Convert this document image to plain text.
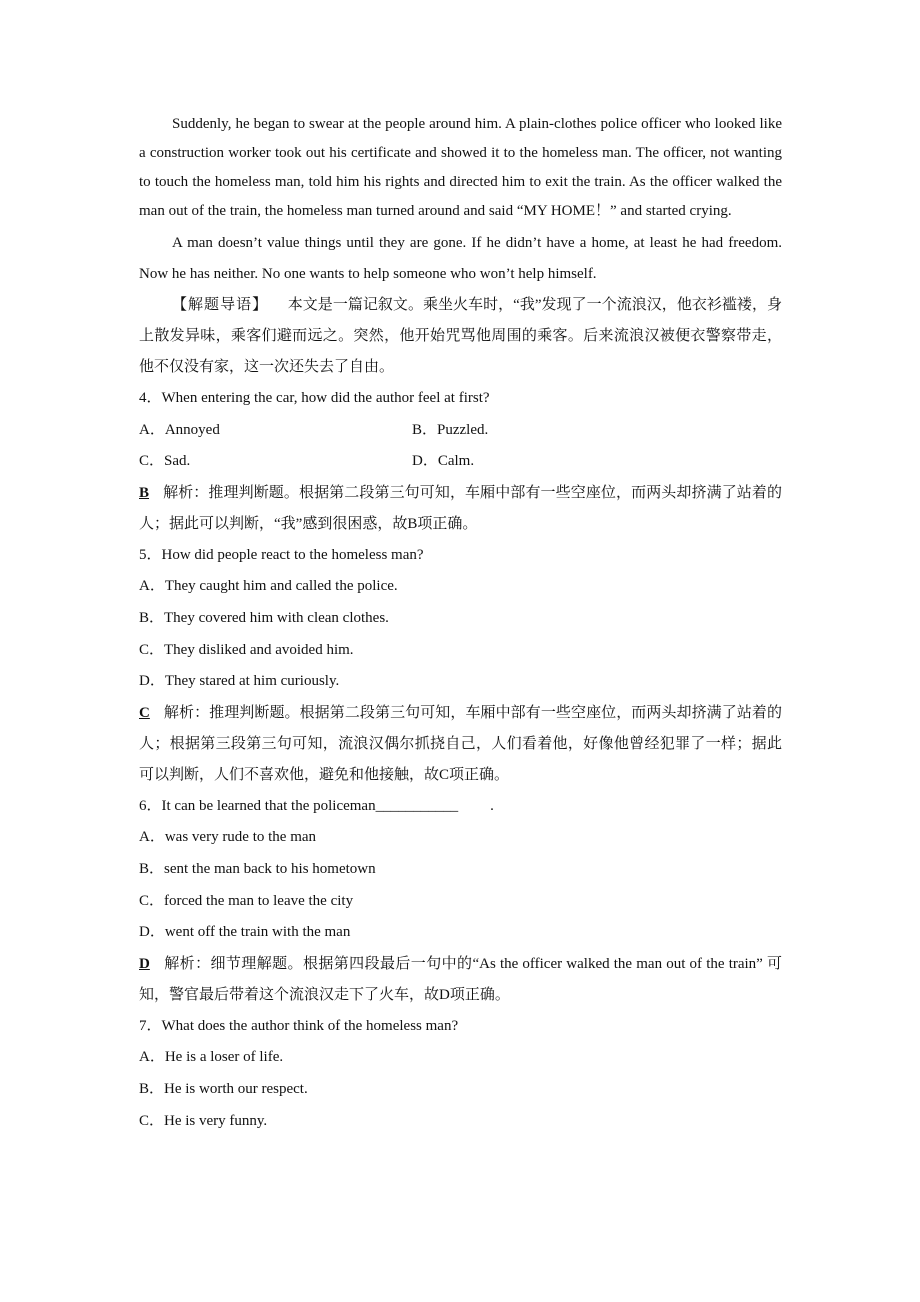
Suddenly, he began to swear at the people around him. A plain‐clothes police officer who looked like a construction worker took out his certificate and showed it to the homeless man. The officer, not wanting to touch the homeless man, told him his rights and directed him to exit the train. As the officer walked the man out of the train, the homeless man turned around and said “MY HOME！” and started crying.

A man doesn’t value things until they are gone. If he didn’t have a home, at least he had freedom. Now he has neither. No one wants to help someone who won’t help himself.

【解题导语】 本文是一篇记叙文。乘坐火车时，“我”发现了一个流浪汉，他衣衫褴褛，身上散发异味，乘客们避而远之。突然，他开始咒骂他周围的乘客。后来流浪汉被便衣警察带走，他不仅没有家，这一次还失去了自由。

4．When entering the car, how did the author feel at first?
A．Annoyed	B．Puzzled.
C．Sad.	D．Calm.

B 解析：推理判断题。根据第二段第三句可知，车厢中部有一些空座位，而两头却挤满了站着的人；据此可以判断，“我”感到很困惑，故B项正确。

5．How did people react to the homeless man?
A．They caught him and called the police.
B．They covered him with clean clothes.
C．They disliked and avoided him.
D．They stared at him curiously.

C 解析：推理判断题。根据第二段第三句可知，车厢中部有一些空座位，而两头却挤满了站着的人；根据第三段第三句可知，流浪汉偶尔抓挠自己，人们看着他，好像他曾经犯罪了一样；据此可以判断，人们不喜欢他，避免和他接触，故C项正确。

6．It can be learned that the policeman___________ .
A．was very rude to the man
B．sent the man back to his hometown
C．forced the man to leave the city
D．went off the train with the man

D 解析：细节理解题。根据第四段最后一句中的“As the officer walked the man out of the train” 可知，警官最后带着这个流浪汉走下了火车，故D项正确。

7．What does the author think of the homeless man?
A．He is a loser of life.
B．He is worth our respect.
C．He is very funny.
